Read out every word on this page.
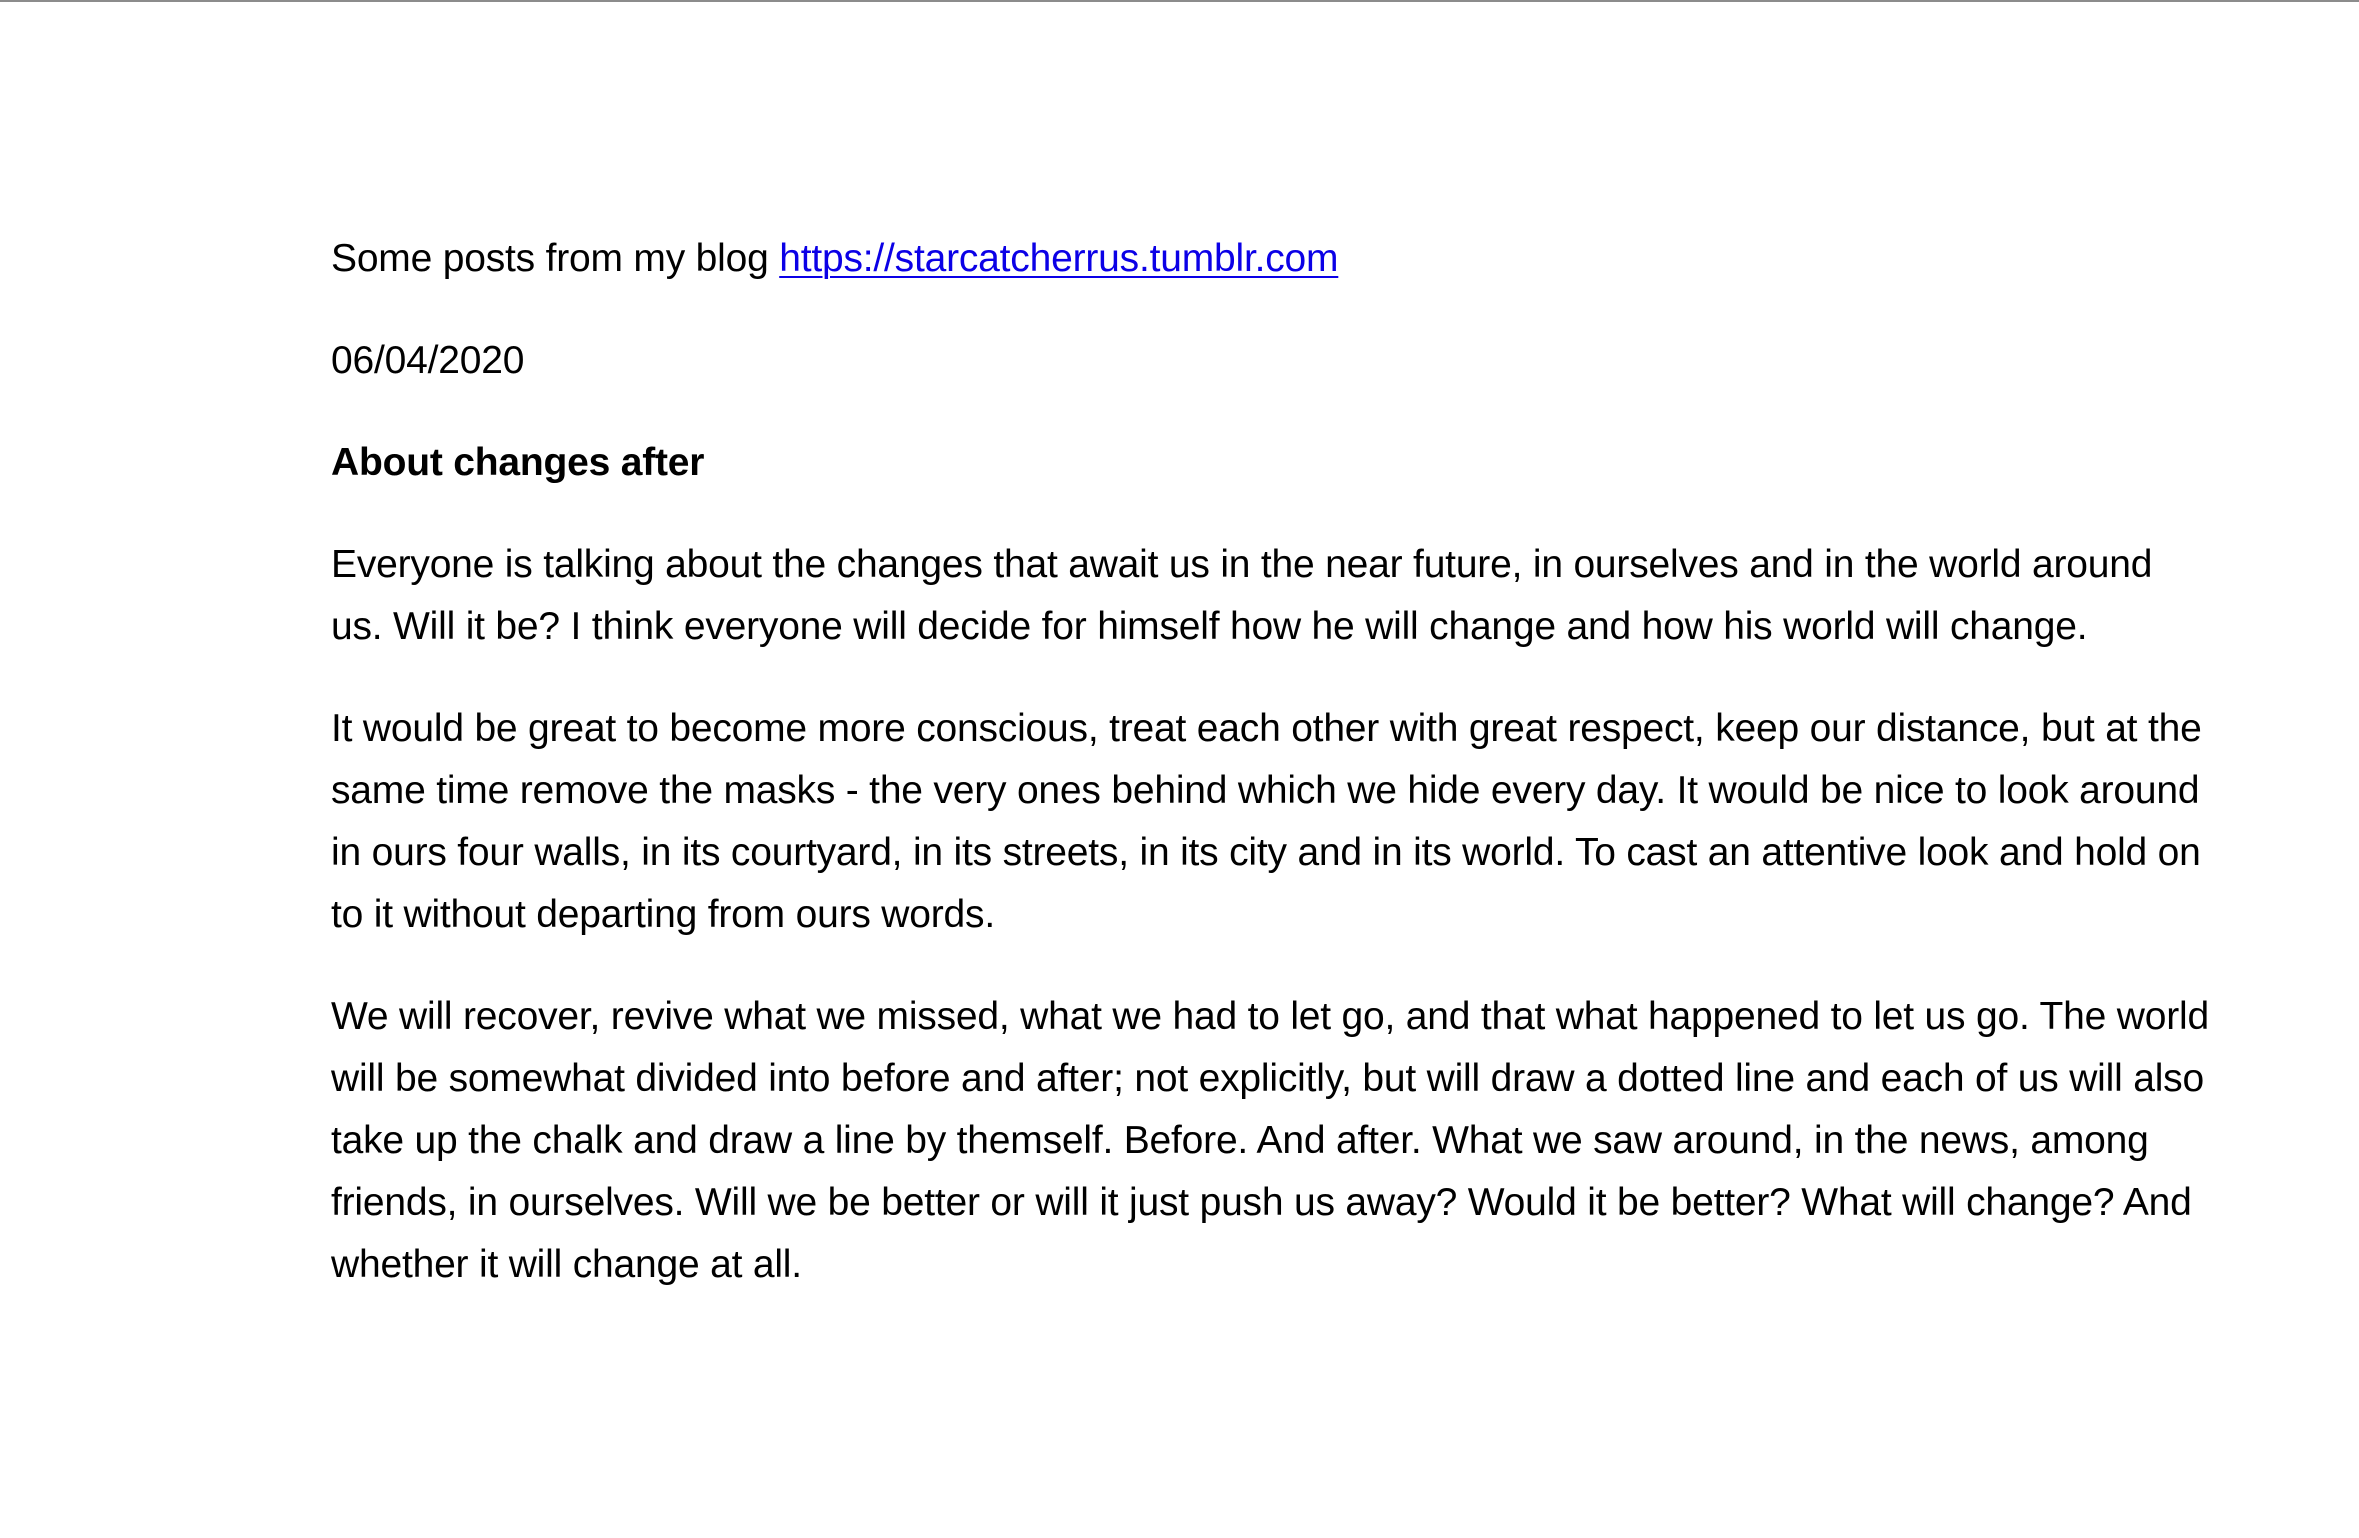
Some posts from my blog https://starcatcherrus.tumblr.com

06/04/2020

About changes after

Everyone is talking about the changes that await us in the near future, in ourselves and in the world around us. Will it be? I think everyone will decide for himself how he will change and how his world will change.

It would be great to become more conscious, treat each other with great respect, keep our distance, but at the same time remove the masks - the very ones behind which we hide every day. It would be nice to look around in ours four walls, in its courtyard, in its streets, in its city and in its world. To cast an attentive look and hold on to it without departing from ours words.

We will recover, revive what we missed, what we had to let go, and that what happened to let us go. The world will be somewhat divided into before and after; not explicitly, but will draw a dotted line and each of us will also take up the chalk and draw a line by themself. Before. And after. What we saw around, in the news, among friends, in ourselves. Will we be better or will it just push us away? Would it be better? What will change? And whether it will change at all.
